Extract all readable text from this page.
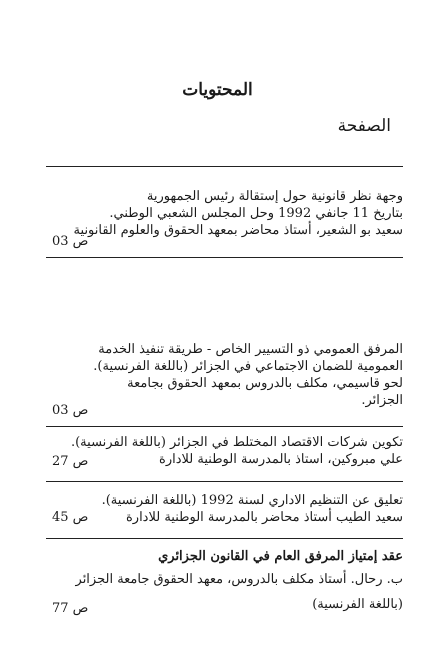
المحتويات
الصفحة
وجهة نظر قانونية حول إستقالة رئيس الجمهورية
بتاريخ 11 جانفي 1992 وحل المجلس الشعبي الوطني.
سعيد بو الشعير، أستاذ محاضر بمعهد الحقوق والعلوم القانونية
ص 03
المرفق العمومي ذو التسيير الخاص - طريقة تنفيذ الخدمة
العمومية للضمان الاجتماعي في الجزائر (باللغة الفرنسية).
لحو قاسيمي، مكلف بالدروس بمعهد الحقوق بجامعة
الجزائر.
ص 03
تكوين شركات الاقتصاد المختلط في الجزائر (باللغة الفرنسية).
علي مبروكين، استاذ بالمدرسة الوطنية للادارة
ص 27
تعليق عن التنظيم الاداري لسنة 1992 (باللغة الفرنسية).
سعيد الطيب أستاذ محاضر بالمدرسة الوطنية للادارة
ص 45
عقد إمتياز المرفق العام في القانون الجزائري
ب. رحال. أستاذ مكلف بالدروس، معهد الحقوق جامعة الجزائر
(باللغة الفرنسية)
ص 77
